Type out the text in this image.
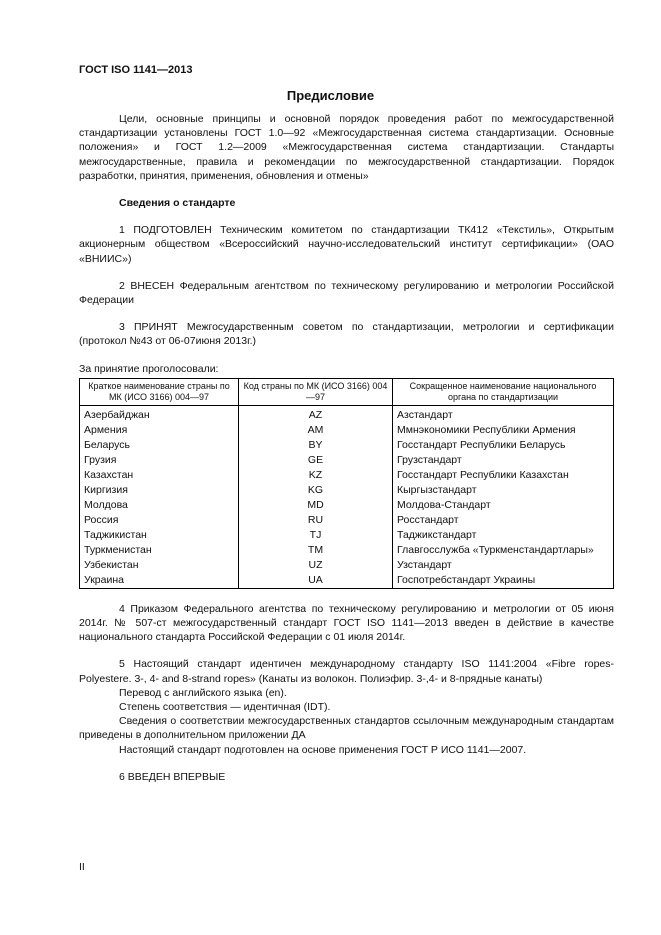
ГОСТ ISO 1141—2013
Предисловие

Цели, основные принципы и основной порядок проведения работ по межгосударственной стандартизации установлены ГОСТ 1.0—92 «Межгосударственная система стандартизации. Основные положения» и ГОСТ 1.2—2009 «Межгосударственная система стандартизации. Стандарты межгосударственные, правила и рекомендации по межгосударственной стандартизации. Порядок разработки, принятия, применения, обновления и отмены»

Сведения о стандарте

1 ПОДГОТОВЛЕН Техническим комитетом по стандартизации ТК412 «Текстиль», Открытым акционерным обществом «Всероссийский научно-исследовательский институт сертификации» (ОАО «ВНИИС»)

2 ВНЕСЕН Федеральным агентством по техническому регулированию и метрологии Российской Федерации

3 ПРИНЯТ Межгосударственным советом по стандартизации, метрологии и сертификации (протокол №43 от 06-07июня 2013г.)

За принятие проголосовали:

Краткое наименование страны по МК (ИСО 3166) 004—97	Код страны по МК (ИСО 3166) 004—97	Сокращенное наименование национального органа по стандартизации
Азербайджан	AZ	Азстандарт
Армения	AM	Ммнэкономики Республики Армения
Беларусь	BY	Госстандарт Республики Беларусь
Грузия	GE	Грузстандарт
Казахстан	KZ	Госстандарт Республики Казахстан
Киргизия	KG	Кыргызстандарт
Молдова	MD	Молдова-Стандарт
Россия	RU	Росстандарт
Таджикистан	TJ	Таджикстандарт
Туркменистан	TM	Главгосслужба «Туркменстандартлары»
Узбекистан	UZ	Узстандарт
Украина	UA	Госпотребстандарт Украины

4 Приказом Федерального агентства по техническому регулированию и метрологии от 05 июня 2014г. № 507-ст межгосударственный стандарт ГОСТ ISO 1141—2013 введен в действие в качестве национального стандарта Российской Федерации с 01 июля 2014г.

5 Настоящий стандарт идентичен международному стандарту ISO 1141:2004 «Fibre ropes-Polyestere. 3-, 4- and 8-strand ropes» (Канаты из волокон. Полиэфир. 3-,4- и 8-прядные канаты)

Перевод с английского языка (en).

Степень соответствия — идентичная (IDT).

Сведения о соответствии межгосударственных стандартов ссылочным международным стандартам приведены в дополнительном приложении ДА

Настоящий стандарт подготовлен на основе применения ГОСТ Р ИСО 1141—2007.

6 ВВЕДЕН ВПЕРВЫЕ

II
